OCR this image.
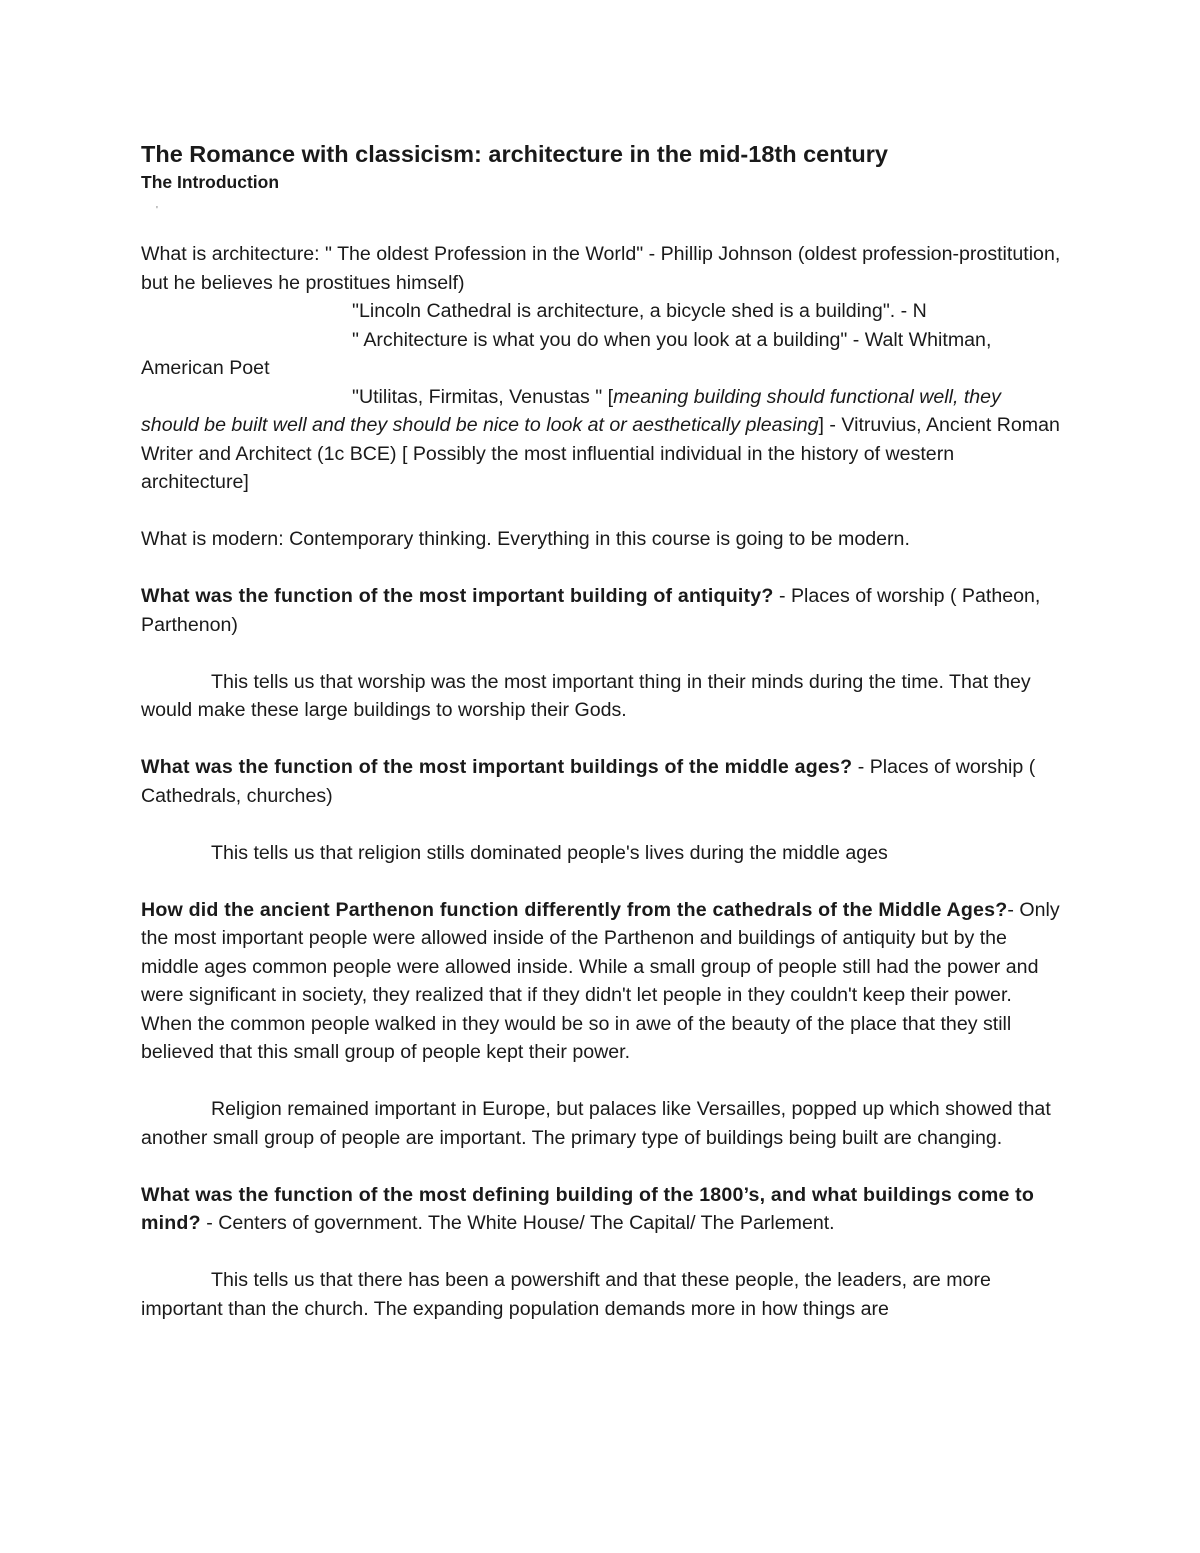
The Romance with classicism: architecture in the mid-18th century
The Introduction
'

What is architecture: " The oldest Profession in the World" - Phillip Johnson (oldest profession-prostitution, but he believes he prostitues himself)

"Lincoln Cathedral is architecture, a bicycle shed is a building". - N

" Architecture is what you do when you look at a building" - Walt Whitman, American Poet

"Utilitas, Firmitas, Venustas " [meaning building should functional well, they should be built well and they should be nice to look at or aesthetically pleasing] - Vitruvius, Ancient Roman Writer and Architect (1c BCE) [ Possibly the most influential individual in the history of western architecture]

What is modern: Contemporary thinking. Everything in this course is going to be modern.

What was the function of the most important building of antiquity? - Places of worship ( Patheon, Parthenon)

This tells us that worship was the most important thing in their minds during the time. That they would make these large buildings to worship their Gods.

What was the function of the most important buildings of the middle ages? - Places of worship ( Cathedrals, churches)

This tells us that religion stills dominated people's lives during the middle ages

How did the ancient Parthenon function differently from the cathedrals of the Middle Ages?- Only the most important people were allowed inside of the Parthenon and buildings of antiquity but by the middle ages common people were allowed inside. While a small group of people still had the power and were significant in society, they realized that if they didn't let people in they couldn't keep their power. When the common people walked in they would be so in awe of the beauty of the place that they still believed that this small group of people kept their power.

Religion remained important in Europe, but palaces like Versailles, popped up which showed that another small group of people are important. The primary type of buildings being built are changing.

What was the function of the most defining building of the 1800’s, and what buildings come to mind? - Centers of government. The White House/ The Capital/ The Parlement.

This tells us that there has been a powershift and that these people, the leaders, are more important than the church. The expanding population demands more in how things are
